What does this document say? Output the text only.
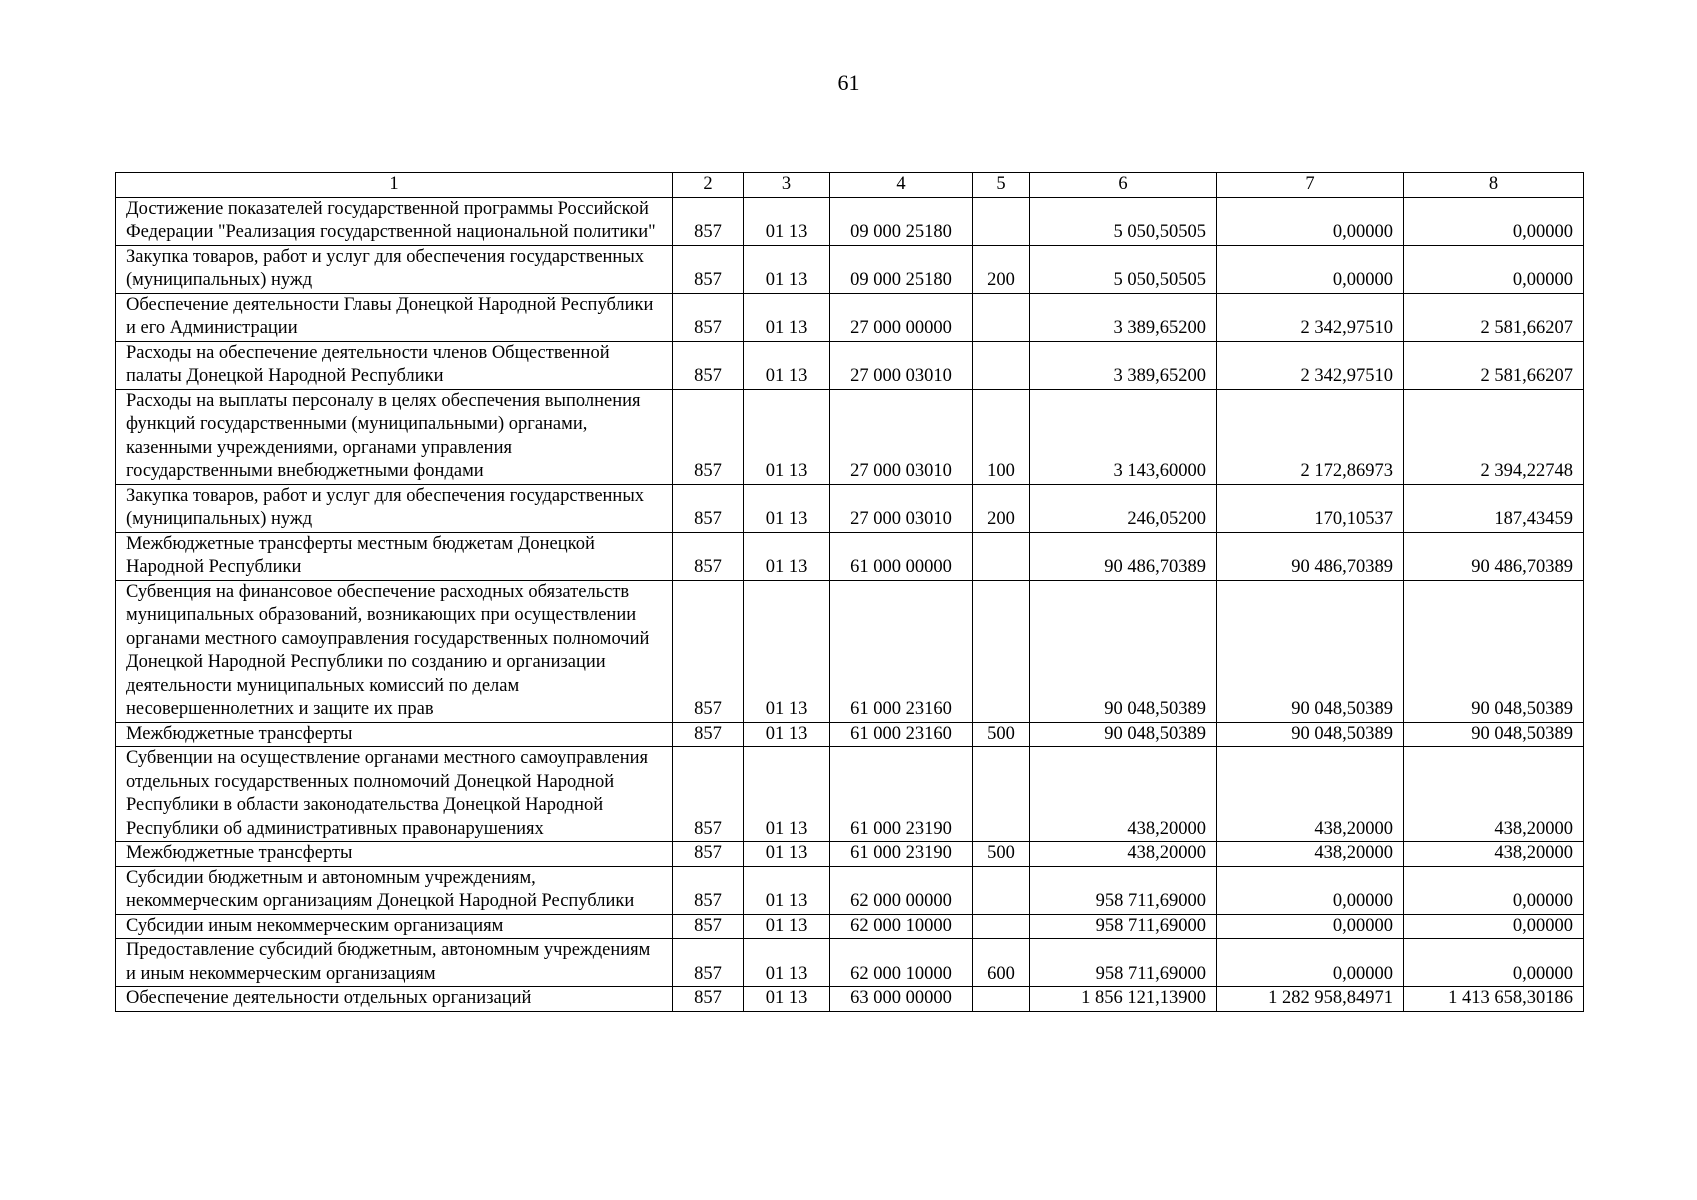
61
1	2	3	4	5	6	7	8
Достижение показателей государственной программы Российской Федерации "Реализация государственной национальной политики"	857	01 13	09 000 25180		5 050,50505	0,00000	0,00000
Закупка товаров, работ и услуг для обеспечения государственных (муниципальных) нужд	857	01 13	09 000 25180	200	5 050,50505	0,00000	0,00000
Обеспечение деятельности Главы Донецкой Народной Республики и его Администрации	857	01 13	27 000 00000		3 389,65200	2 342,97510	2 581,66207
Расходы на обеспечение деятельности членов Общественной палаты Донецкой Народной Республики	857	01 13	27 000 03010		3 389,65200	2 342,97510	2 581,66207
Расходы на выплаты персоналу в целях обеспечения выполнения функций государственными (муниципальными) органами, казенными учреждениями, органами управления государственными внебюджетными фондами	857	01 13	27 000 03010	100	3 143,60000	2 172,86973	2 394,22748
Закупка товаров, работ и услуг для обеспечения государственных (муниципальных) нужд	857	01 13	27 000 03010	200	246,05200	170,10537	187,43459
Межбюджетные трансферты местным бюджетам Донецкой Народной Республики	857	01 13	61 000 00000		90 486,70389	90 486,70389	90 486,70389
Субвенция на финансовое обеспечение расходных обязательств муниципальных образований, возникающих при осуществлении органами местного самоуправления государственных полномочий Донецкой Народной Республики по созданию и организации деятельности муниципальных комиссий по делам несовершеннолетних и защите их прав	857	01 13	61 000 23160		90 048,50389	90 048,50389	90 048,50389
Межбюджетные трансферты	857	01 13	61 000 23160	500	90 048,50389	90 048,50389	90 048,50389
Субвенции на осуществление органами местного самоуправления отдельных государственных полномочий Донецкой Народной Республики в области законодательства Донецкой Народной Республики об административных правонарушениях	857	01 13	61 000 23190		438,20000	438,20000	438,20000
Межбюджетные трансферты	857	01 13	61 000 23190	500	438,20000	438,20000	438,20000
Субсидии бюджетным и автономным учреждениям, некоммерческим организациям Донецкой Народной Республики	857	01 13	62 000 00000		958 711,69000	0,00000	0,00000
Субсидии иным некоммерческим организациям	857	01 13	62 000 10000		958 711,69000	0,00000	0,00000
Предоставление субсидий бюджетным, автономным учреждениям и иным некоммерческим организациям	857	01 13	62 000 10000	600	958 711,69000	0,00000	0,00000
Обеспечение деятельности отдельных организаций	857	01 13	63 000 00000		1 856 121,13900	1 282 958,84971	1 413 658,30186
